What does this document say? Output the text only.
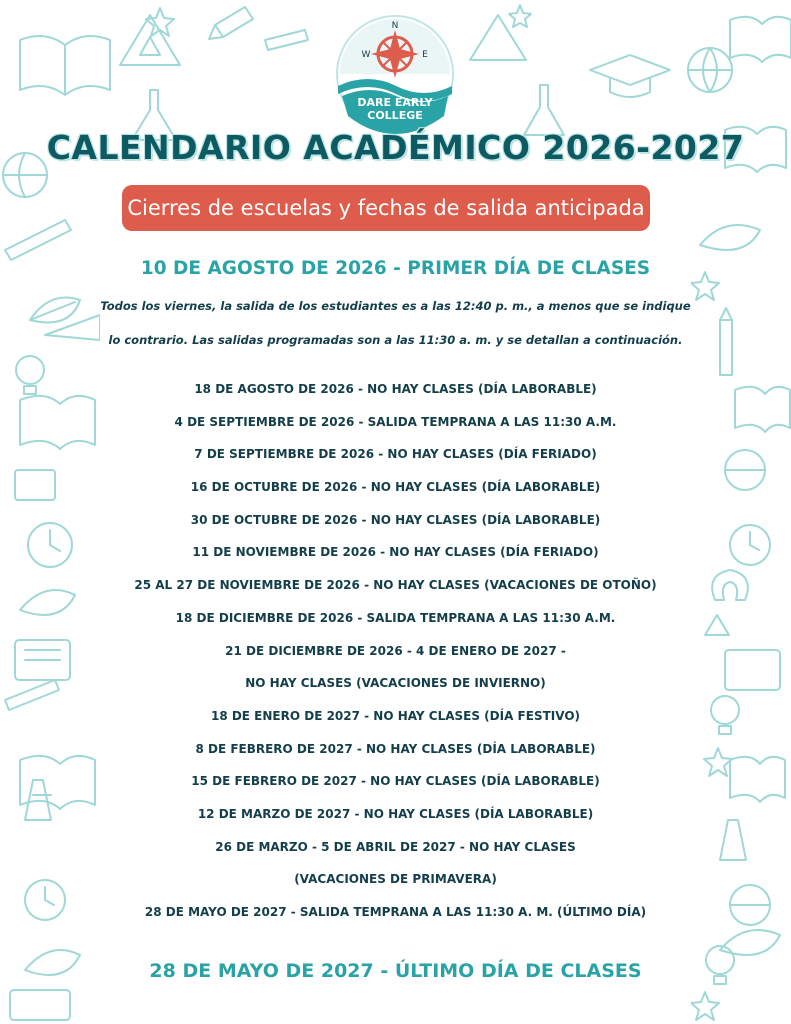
N
E
W
DARE EARLY
COLLEGE
CALENDARIO ACADÉMICO 2026-2027
Cierres de escuelas y fechas de salida anticipada
10 DE AGOSTO DE 2026 - PRIMER DÍA DE CLASES
Todos los viernes, la salida de los estudiantes es a las 12:40 p. m., a menos que se indique
lo contrario. Las salidas programadas son a las 11:30 a. m. y se detallan a continuación.
18 DE AGOSTO DE 2026 - NO HAY CLASES (DÍA LABORABLE)
4 DE SEPTIEMBRE DE 2026 - SALIDA TEMPRANA A LAS 11:30 A.M.
7 DE SEPTIEMBRE DE 2026 - NO HAY CLASES (DÍA FERIADO)
16 DE OCTUBRE DE 2026 - NO HAY CLASES (DÍA LABORABLE)
30 DE OCTUBRE DE 2026 - NO HAY CLASES (DÍA LABORABLE)
11 DE NOVIEMBRE DE 2026 - NO HAY CLASES (DÍA FERIADO)
25 AL 27 DE NOVIEMBRE DE 2026 - NO HAY CLASES (VACACIONES DE OTOÑO)
18 DE DICIEMBRE DE 2026 - SALIDA TEMPRANA A LAS 11:30 A.M.
21 DE DICIEMBRE DE 2026 - 4 DE ENERO DE 2027 -
NO HAY CLASES (VACACIONES DE INVIERNO)
18 DE ENERO DE 2027 - NO HAY CLASES (DÍA FESTIVO)
8 DE FEBRERO DE 2027 - NO HAY CLASES (DÍA LABORABLE)
15 DE FEBRERO DE 2027 - NO HAY CLASES (DÍA LABORABLE)
12 DE MARZO DE 2027 - NO HAY CLASES (DÍA LABORABLE)
26 DE MARZO - 5 DE ABRIL DE 2027 - NO HAY CLASES
(VACACIONES DE PRIMAVERA)
28 DE MAYO DE 2027 - SALIDA TEMPRANA A LAS 11:30 A. M. (ÚLTIMO DÍA)
28 DE MAYO DE 2027 - ÚLTIMO DÍA DE CLASES
